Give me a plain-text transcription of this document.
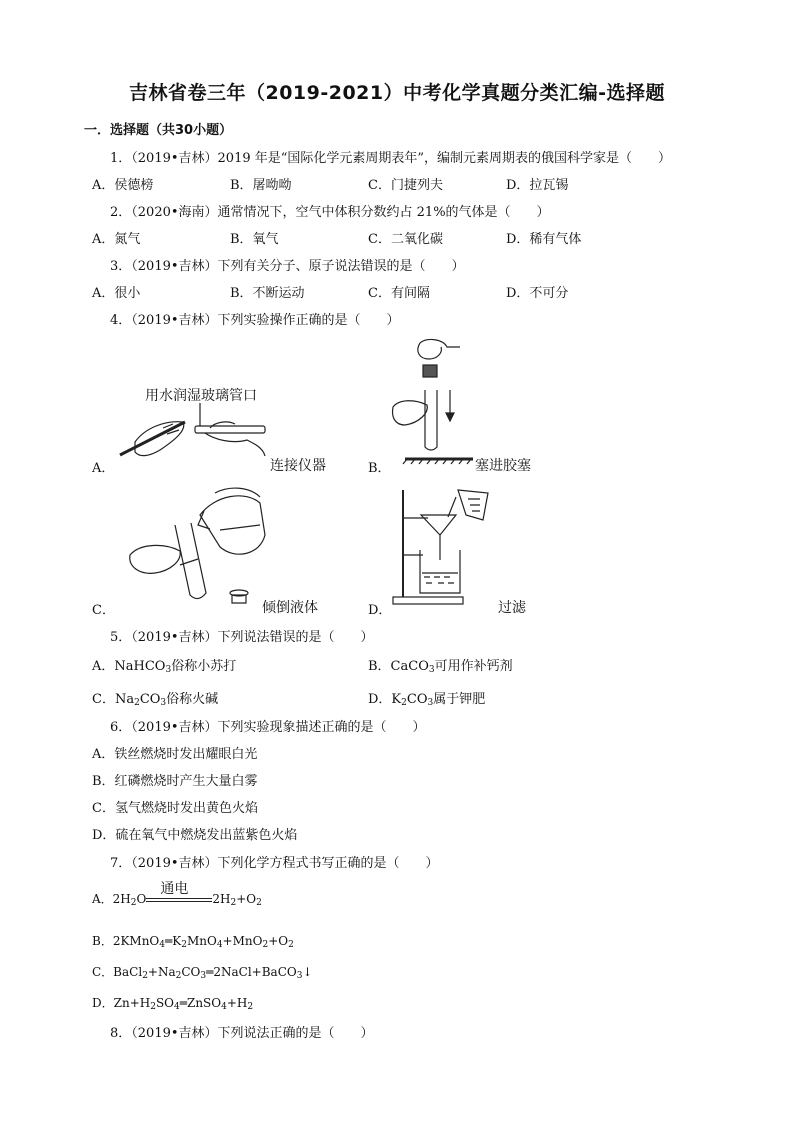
吉林省卷三年（2019-2021）中考化学真题分类汇编-选择题
一．选择题（共30小题）
1．（2019•吉林）2019 年是“国际化学元素周期表年”，编制元素周期表的俄国科学家是（　　）
A．侯德榜	B．屠呦呦	C．门捷列夫	D．拉瓦锡
2．（2020•海南）通常情况下，空气中体积分数约占 21%的气体是（　　）
A．氮气	B．氧气	C．二氧化碳	D．稀有气体
3．（2019•吉林）下列有关分子、原子说法错误的是（　　）
A．很小	B．不断运动	C．有间隔	D．不可分
4．（2019•吉林）下列实验操作正确的是（　　）
用水润湿玻璃管口
A．	连接仪器	B．	塞进胶塞
C．	倾倒液体	D．	过滤
5．（2019•吉林）下列说法错误的是（　　）
A．NaHCO$_3$俗称小苏打	B．CaCO$_3$可用作补钙剂
C．$Na_2CO_3$俗称火碱	D．$K_2CO_3$属于钾肥
6．（2019•吉林）下列实验现象描述正确的是（　　）
A．铁丝燃烧时发出耀眼白光
B．红磷燃烧时产生大量白雾
C．氢气燃烧时发出黄色火焰
D．硫在氧气中燃烧发出蓝紫色火焰
7．（2019•吉林）下列化学方程式书写正确的是（　　）
A．$2H_2O$
通电
$2H_2+O_2$
B．$2KMnO_4═K_2MnO_4+MnO_2+O_2$
C．$BaCl_2+Na_2CO_3═2NaCl+BaCO_3↓$
D．$Zn+H_2SO_4═ZnSO_4+H_2$
8．（2019•吉林）下列说法正确的是（　　）
